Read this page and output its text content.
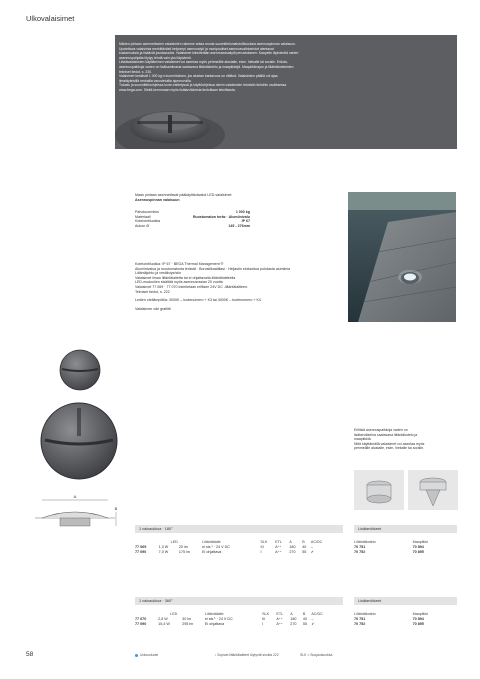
Ulkovalaisimet
Näiden pintaan asennettavien valaisimien rakenne antaa monia suunnittelumahdollisuuksia asennuspinnan valaisuun.
Upotettava valaisimia merkittävästi helpompi asennustyö ja monipuoliset asennusvaihtoehdot alentavat
kustannuksia ja lisäävät joustavuutta. Valaisimet kiinnitetään asennusrasiaiylä perustukseen. Kaapelin läpivientiä varten
asennuspohjalla löytyy tehdä vain yksi läpivienti.
Liiskävalaisimien käyttäminen valaisimet voi asentaa myös pehmeälle alustalle, esim. hiekalle tai soralle. Erikois-
asennuspaikkoja varten on lisäkamiinasia saatavana liitäntäkotelo ja maapiikkejä. Maapiikkirajan ja liitäntäkoteloiden
tekniset tiedot, s. 230.
Valaisimet kestävät 1 000 kg:n kuormituksen, jos alustan kantavuus on riittävä. Valaisimien päällä voi ajaa
ilmatäyteisillä renkailla varustetuilla ajoneuvoilla.
Tuloalu ja suunnitteluohjeissa tuote-esittelyssä ja käyttöohjeissa olevin valaisimien teknisiin tietoihin osoittaessa
www.bega.com. Sieltä kerromaan myös lisätarvikkeista tiedolliaan tekniikasta.
Maan pintaan asennettavat pääkäyttävävalot LED-valaisimet
Asennuspinnan valaisuun
Pahokuormitus	1 000 kg
Materiaali	Ruostumaton teräs · Alumiinivalu
Kotelointiluokka	IP 67
Aukon Ø	145 - 276mm
Kotelointiluokka: IP 67 · BEGA Thermal Management ®
Alumiinivalua ja ruostumatonta terästä · Borosilikaattilasi · Heijastin eloksoitua puhdasta alumiinia
Liitäntäjohto ja vesitiiviys/stin
Valaisimet ilman liitäntälaitetta tai ei ohjattavalla liitäntälaitteella
LED-moduulien sisältää myös asennusrasian 20 vuotta
Valaisimet 77 069 · 77 070 toimitetaan erillisen 24V DC -liitäntälaitteen.
Tekniset tiedot, s. 222
Ledien värilämpötila: 3000K – tuotenumero + K3 tai 4000K – tuotenumero + K4
Valaisimen väri grafiitti
A
B
Erillisiä asennuspaikkoja varten on
lisätarvikkeina saatavana liitäntäkotelo ja
maapiikkiä.
Niitä käyttämällä valaisimet voi asentaa myös
pehmeälle alustalle, esim. hiekalle tai soralle.
1 valoaukkoa · 180°	Lisätarvikkeet
	LED		Liitäntälaite	SLK	ETL	A	B	AC/DC
77 069	1,3 W	20 lm	ei sis.¹ · 24 V DC	III	A⁺⁺	180	40	–
77 090	7,0 W	175 lm	Ei ohjattava	I	A⁺⁺	270	55	✔
Liitäntäkotelo	Maapiikki
70 751	70 894
70 752	70 895
1 valoaukkoa · 360°	Lisätarvikkeet
	LED		Liitäntälaite	SLK	ETL	A	B	AC/DC
77 070	2,8 W	30 lm	ei sis.¹ · 24 V DC	III	A⁺⁺	180	40	–
77 090	15,4 W	295 lm	Ei ohjattava	I	A⁺⁺	270	55	✔
Liitäntäkotelo	Maapiikki
70 751	70 894
70 752	70 895
58	Uutuustuote	¹ Sopivat liitäntälaitteet löytyvät sivulta 222	SLK = Suojausluokka
